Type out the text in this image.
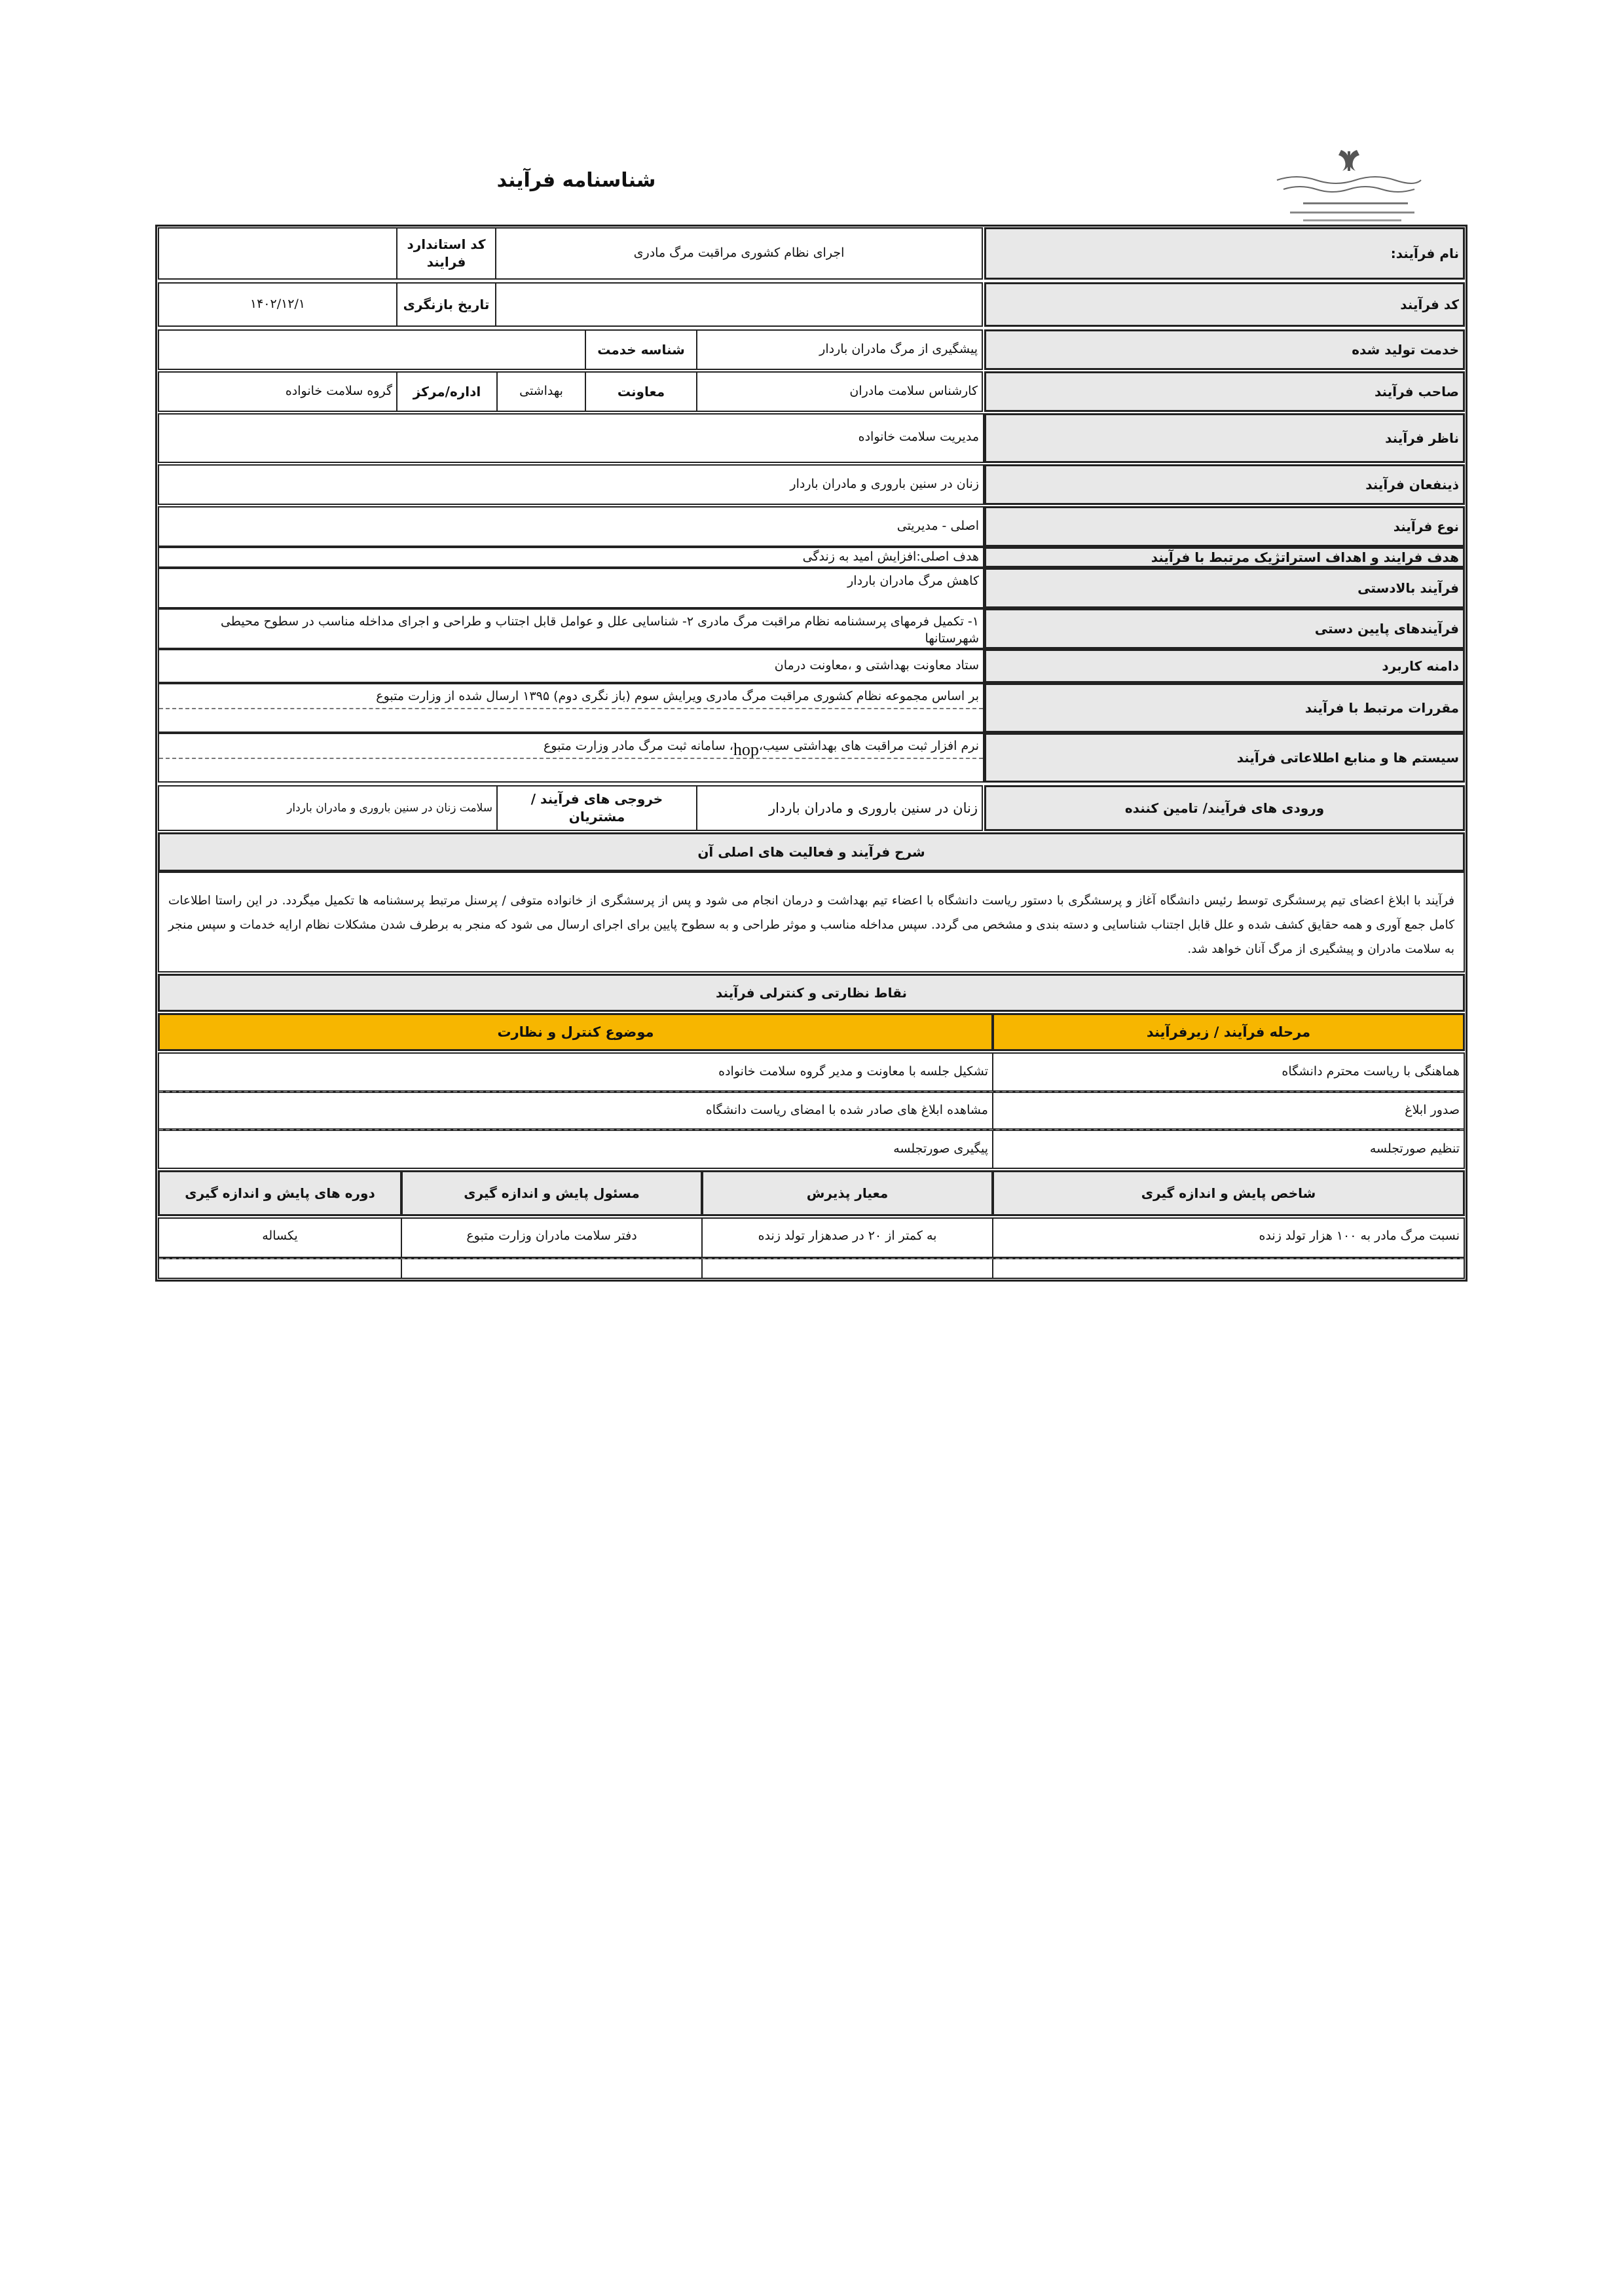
شناسنامه فرآیند
نام فرآیند:
اجرای نظام کشوری مراقبت مرگ مادری
کد استاندارد فرایند
کد فرآیند
تاریخ بازنگری
۱۴۰۲/۱۲/۱
خدمت تولید شده
پیشگیری از مرگ مادران باردار
شناسه خدمت
صاحب فرآیند
کارشناس سلامت مادران
معاونت
بهداشتی
اداره/مرکز
گروه سلامت خانواده
ناظر فرآیند
مدیریت سلامت خانواده
ذینفعان فرآیند
زنان در سنین باروری و مادران باردار
نوع فرآیند
اصلی - مدیریتی
هدف فرایند و اهداف استراتژیک مرتبط با فرآیند
هدف اصلی:افزایش امید به زندگی
فرآیند بالادستی
کاهش مرگ مادران باردار
فرآیندهای پایین دستی
۱- تکمیل فرمهای پرسشنامه نظام مراقبت مرگ مادری ۲- شناسایی علل و عوامل قابل اجتناب و طراحی و اجرای مداخله مناسب در سطوح محیطی شهرستانها
دامنه کاربرد
ستاد معاونت بهداشتی و ،معاونت درمان
مقررات مرتبط با فرآیند
بر اساس مجموعه نظام کشوری مراقبت مرگ مادری ویرایش سوم (باز نگری دوم) ۱۳۹۵ ارسال شده از وزارت متبوع
سیستم ها و منابع اطلاعاتی فرآیند
نرم افزار ثبت مراقبت های بهداشتی سیب،
hop
، سامانه ثبت مرگ مادر وزارت متبوع
ورودی های فرآیند/ تامین کننده
زنان در سنین باروری و مادران باردار
خروجی های فرآیند / مشتریان
سلامت زنان در سنین باروری و مادران باردار
شرح فرآیند و فعالیت های اصلی آن
فرآیند با ابلاغ اعضای تیم پرسشگری توسط رئیس دانشگاه آغاز و پرسشگری با دستور ریاست دانشگاه با اعضاء تیم بهداشت و درمان انجام می شود و پس از پرسشگری از خانواده متوفی / پرسنل مرتبط پرسشنامه ها تکمیل میگردد. در این راستا اطلاعات کامل جمع آوری و همه حقایق کشف شده و علل قابل اجتناب شناسایی و دسته بندی و مشخص می گردد. سپس مداخله مناسب و موثر طراحی و به سطوح پایین برای اجرای ارسال می شود که منجر به برطرف شدن مشکلات نظام ارایه خدمات و سپس منجر به سلامت مادران و پیشگیری از مرگ آنان خواهد شد.
نقاط نظارتی و کنترلی فرآیند
مرحله فرآیند / زیرفرآیند
موضوع کنترل و نظارت
هماهنگی با ریاست محترم دانشگاه
تشکیل جلسه با معاونت و مدیر گروه سلامت خانواده
صدور ابلاغ
مشاهده ابلاغ های صادر شده با امضای ریاست دانشگاه
تنظیم صورتجلسه
پیگیری صورتجلسه
شاخص پایش و اندازه گیری
معیار پذیرش
مسئول پایش و اندازه گیری
دوره های پایش و اندازه گیری
نسبت مرگ مادر به ۱۰۰ هزار تولد زنده
به کمتر از ۲۰ در صدهزار تولد زنده
دفتر سلامت مادران وزارت متبوع
یکساله
